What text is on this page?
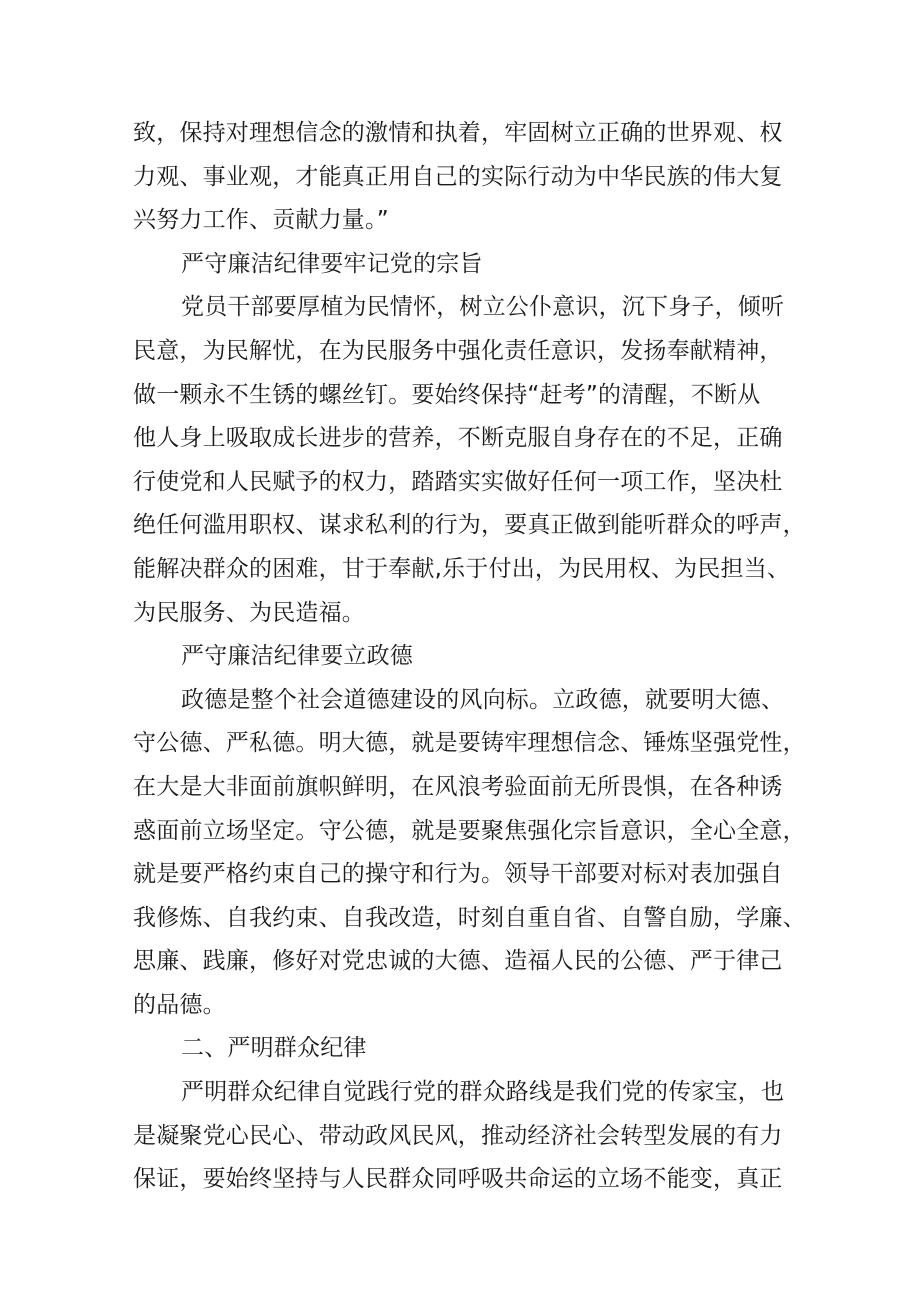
致，保持对理想信念的激情和执着，牢固树立正确的世界观、权
力观、事业观，才能真正用自己的实际行动为中华民族的伟大复
兴努力工作、贡献力量。”
严守廉洁纪律要牢记党的宗旨
党员干部要厚植为民情怀，树立公仆意识，沉下身子，倾听
民意，为民解忧，在为民服务中强化责任意识，发扬奉献精神，
做一颗永不生锈的螺丝钉。要始终保持“赶考”的清醒，不断从
他人身上吸取成长进步的营养，不断克服自身存在的不足，正确
行使党和人民赋予的权力，踏踏实实做好任何一项工作，坚决杜
绝任何滥用职权、谋求私利的行为，要真正做到能听群众的呼声，
能解决群众的困难，甘于奉献,乐于付出，为民用权、为民担当、
为民服务、为民造福。
严守廉洁纪律要立政德
政德是整个社会道德建设的风向标。立政德，就要明大德、
守公德、严私德。明大德，就是要铸牢理想信念、锤炼坚强党性，
在大是大非面前旗帜鲜明，在风浪考验面前无所畏惧，在各种诱
惑面前立场坚定。守公德，就是要聚焦强化宗旨意识，全心全意，
就是要严格约束自己的操守和行为。领导干部要对标对表加强自
我修炼、自我约束、自我改造，时刻自重自省、自警自励，学廉、
思廉、践廉，修好对党忠诚的大德、造福人民的公德、严于律己
的品德。
二、严明群众纪律
严明群众纪律自觉践行党的群众路线是我们党的传家宝，也
是凝聚党心民心、带动政风民风，推动经济社会转型发展的有力
保证，要始终坚持与人民群众同呼吸共命运的立场不能变，真正
